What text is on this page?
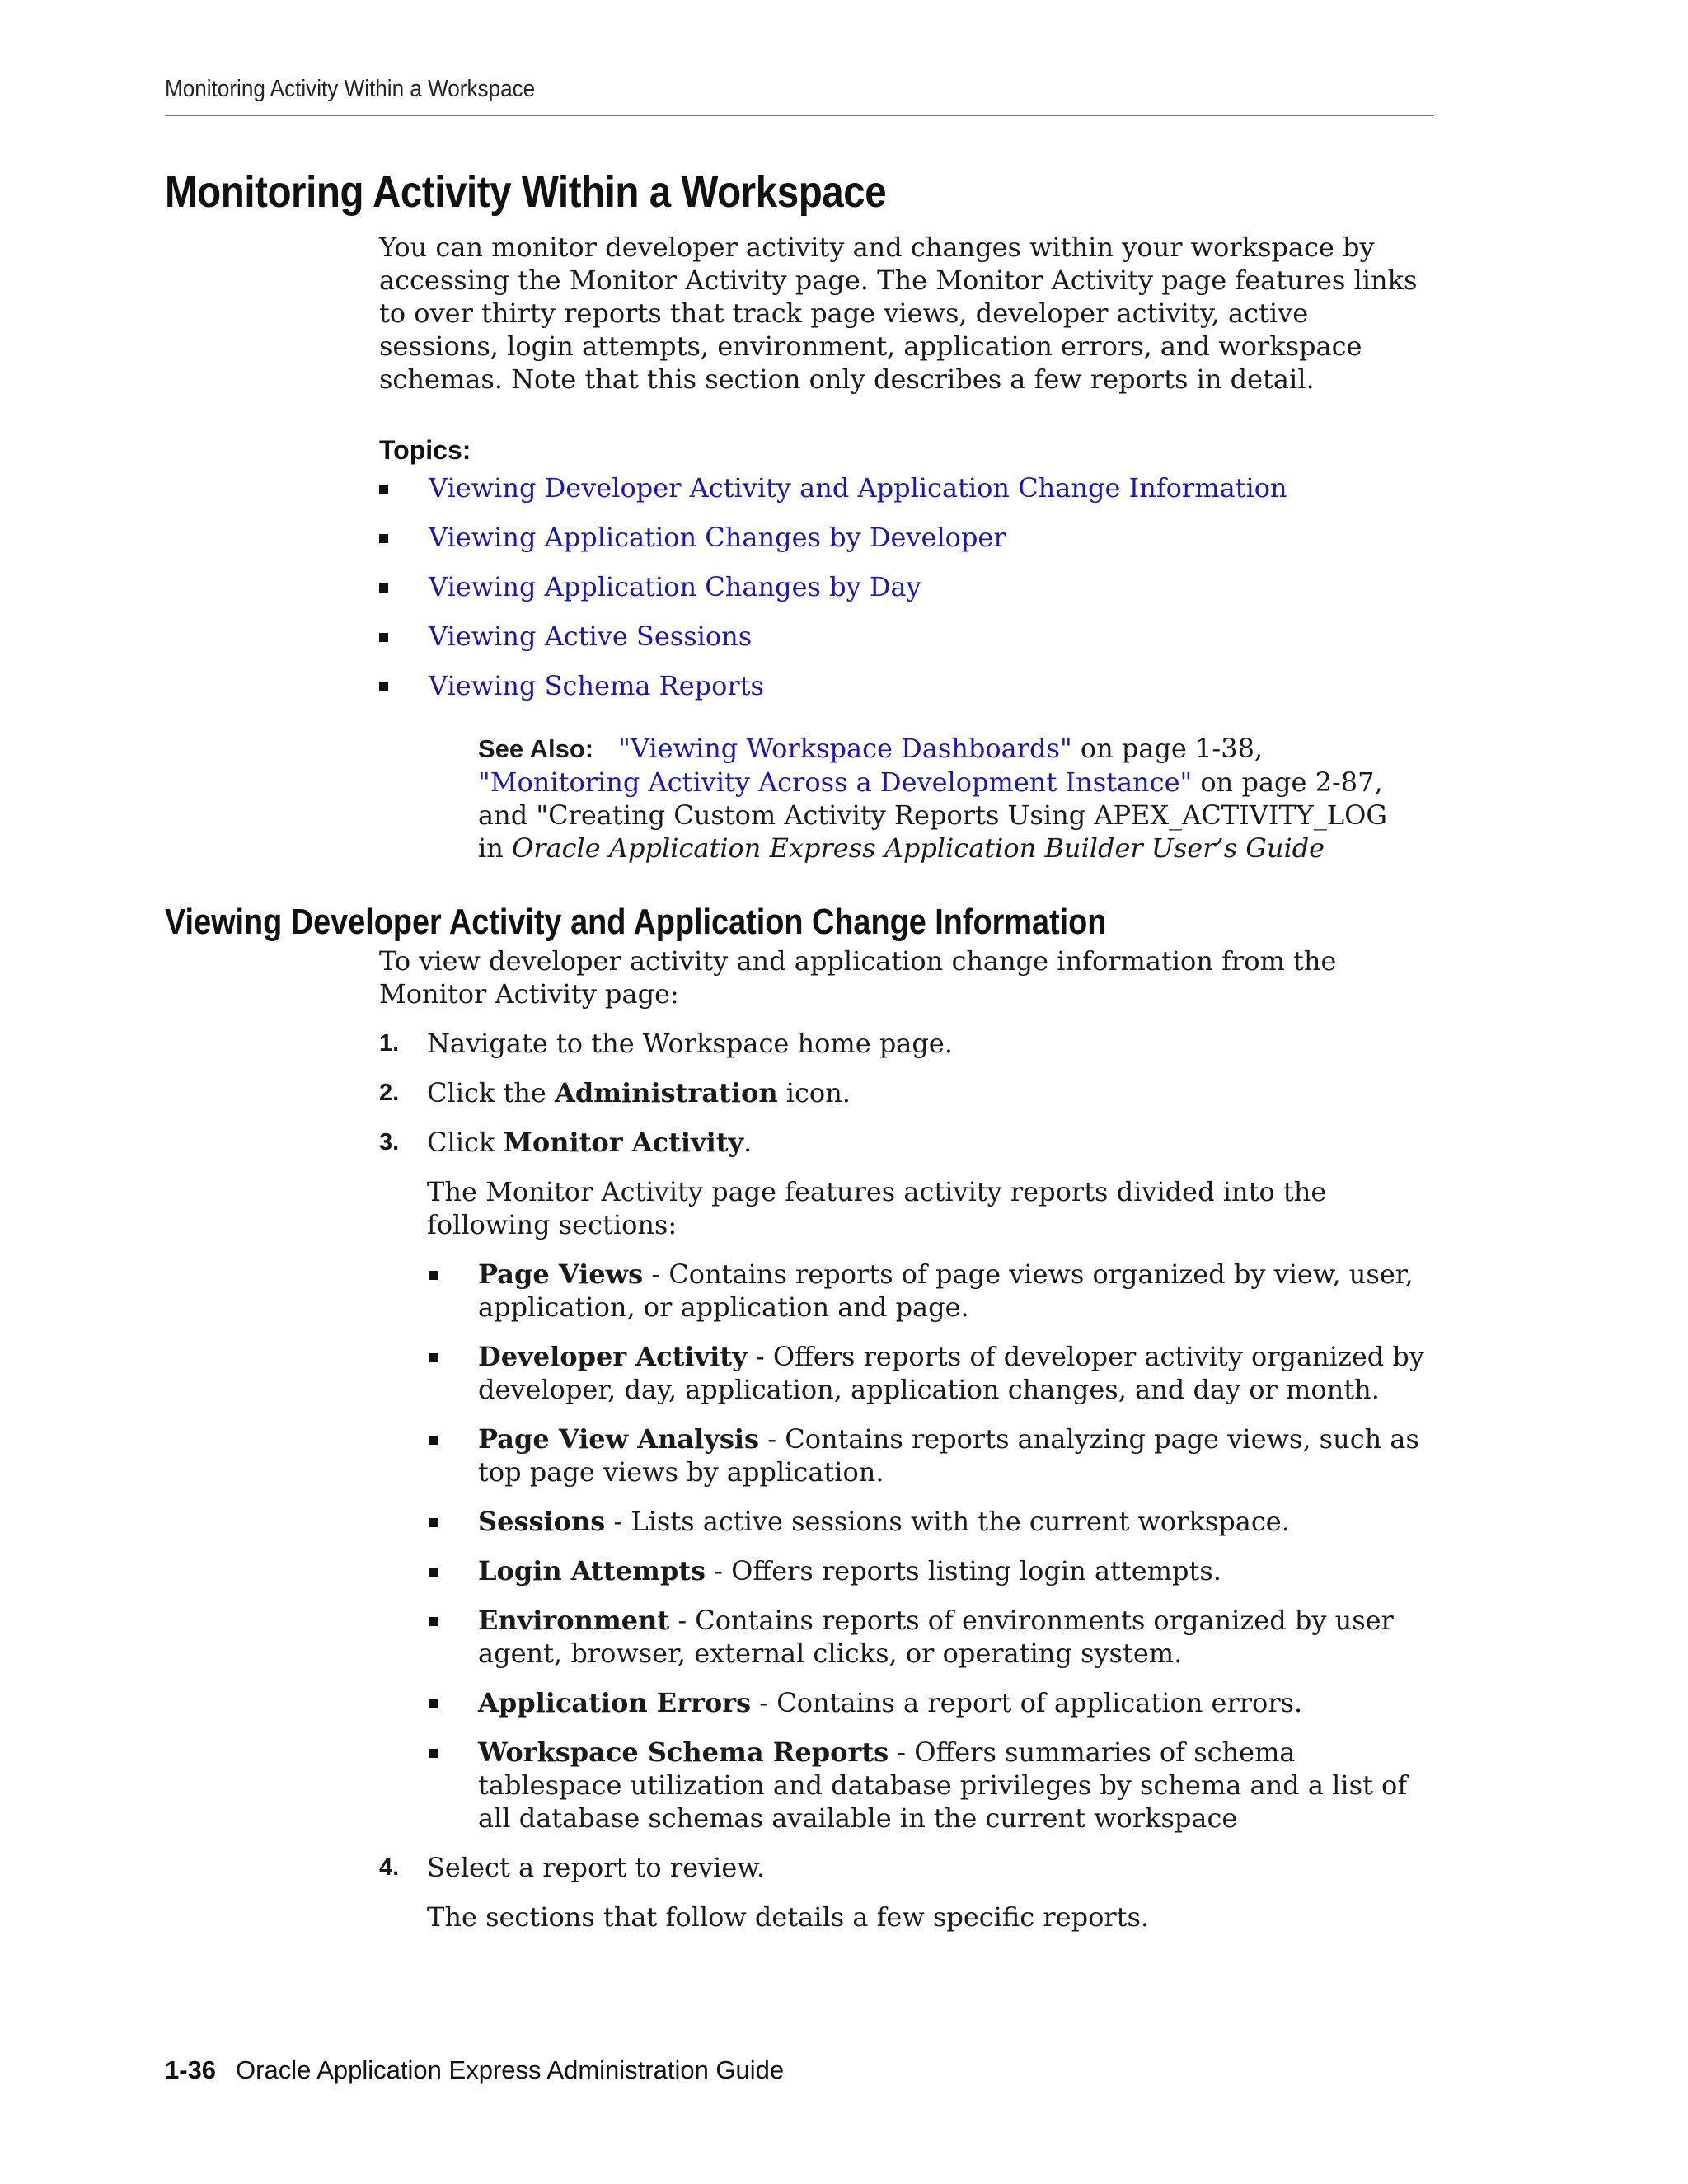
Monitoring Activity Within a Workspace
Monitoring Activity Within a Workspace

You can monitor developer activity and changes within your workspace by accessing the Monitor Activity page. The Monitor Activity page features links to over thirty reports that track page views, developer activity, active sessions, login attempts, environment, application errors, and workspace schemas. Note that this section only describes a few reports in detail.

Topics:
Viewing Developer Activity and Application Change Information
Viewing Application Changes by Developer
Viewing Application Changes by Day
Viewing Active Sessions
Viewing Schema Reports
See Also: "Viewing Workspace Dashboards" on page 1-38,
"Monitoring Activity Across a Development Instance" on page 2-87,
and "Creating Custom Activity Reports Using APEX_ACTIVITY_LOG
in Oracle Application Express Application Builder User’s Guide
Viewing Developer Activity and Application Change Information

To view developer activity and application change information from the Monitor Activity page:

1. Navigate to the Workspace home page.
2. Click the Administration icon.
3. Click Monitor Activity.

The Monitor Activity page features activity reports divided into the following sections:

Page Views - Contains reports of page views organized by view, user, application, or application and page.
Developer Activity - Offers reports of developer activity organized by developer, day, application, application changes, and day or month.
Page View Analysis - Contains reports analyzing page views, such as top page views by application.
Sessions - Lists active sessions with the current workspace.
Login Attempts - Offers reports listing login attempts.
Environment - Contains reports of environments organized by user agent, browser, external clicks, or operating system.
Application Errors - Contains a report of application errors.
Workspace Schema Reports - Offers summaries of schema tablespace utilization and database privileges by schema and a list of all database schemas available in the current workspace
4. Select a report to review.

The sections that follow details a few specific reports.

1-36 Oracle Application Express Administration Guide
